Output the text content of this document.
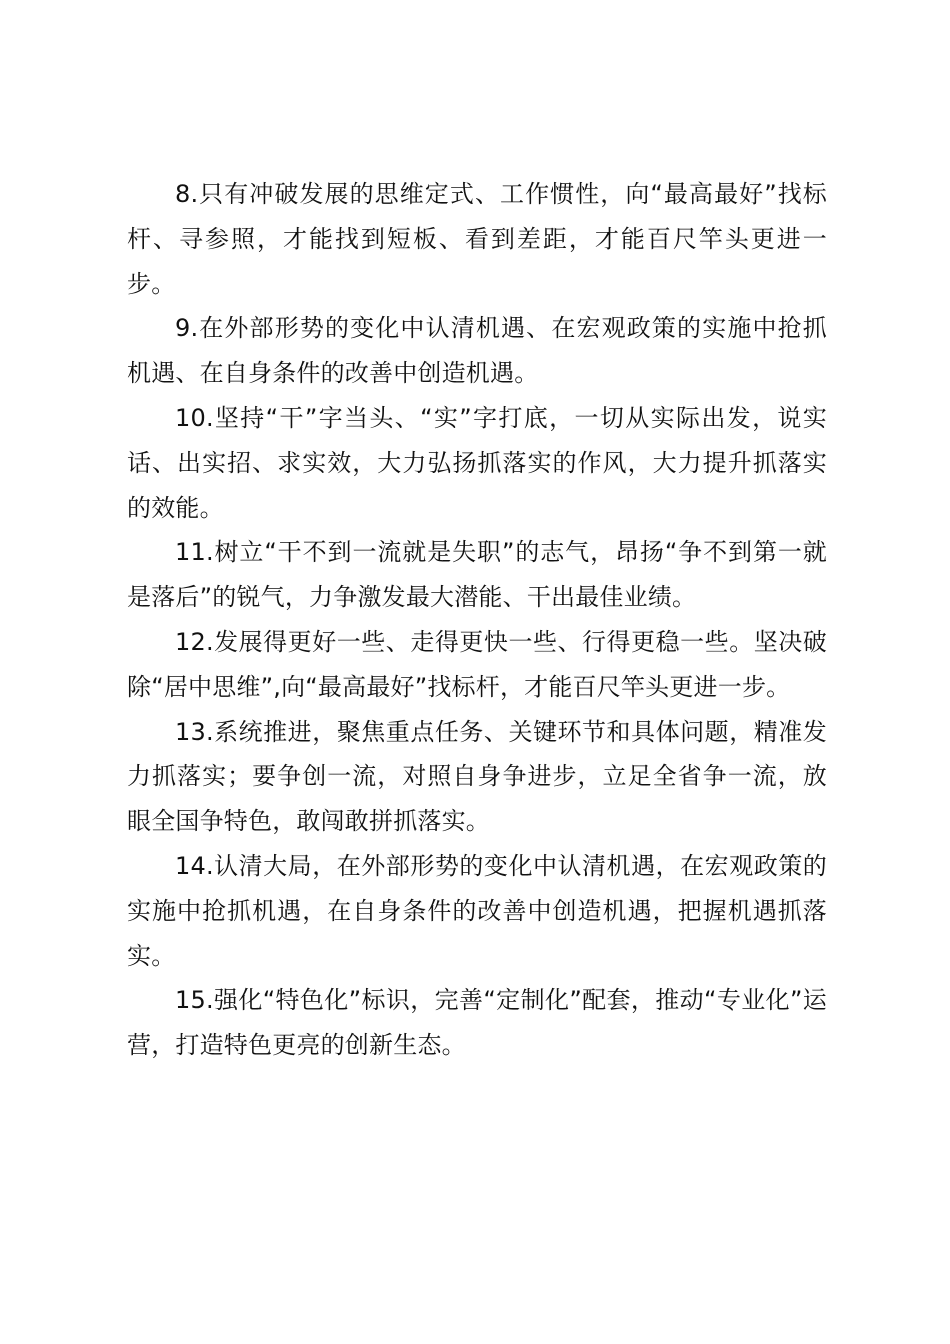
8.只有冲破发展的思维定式、工作惯性，向“最高最好”找标杆、寻参照，才能找到短板、看到差距，才能百尺竿头更进一步。

9.在外部形势的变化中认清机遇、在宏观政策的实施中抢抓机遇、在自身条件的改善中创造机遇。

10.坚持“干”字当头、“实”字打底，一切从实际出发，说实话、出实招、求实效，大力弘扬抓落实的作风，大力提升抓落实的效能。

11.树立“干不到一流就是失职”的志气，昂扬“争不到第一就是落后”的锐气，力争激发最大潜能、干出最佳业绩。

12.发展得更好一些、走得更快一些、行得更稳一些。坚决破除“居中思维”,向“最高最好”找标杆，才能百尺竿头更进一步。

13.系统推进，聚焦重点任务、关键环节和具体问题，精准发力抓落实；要争创一流，对照自身争进步，立足全省争一流，放眼全国争特色，敢闯敢拼抓落实。

14.认清大局，在外部形势的变化中认清机遇，在宏观政策的实施中抢抓机遇，在自身条件的改善中创造机遇，把握机遇抓落实。

15.强化“特色化”标识，完善“定制化”配套，推动“专业化”运营，打造特色更亮的创新生态。
